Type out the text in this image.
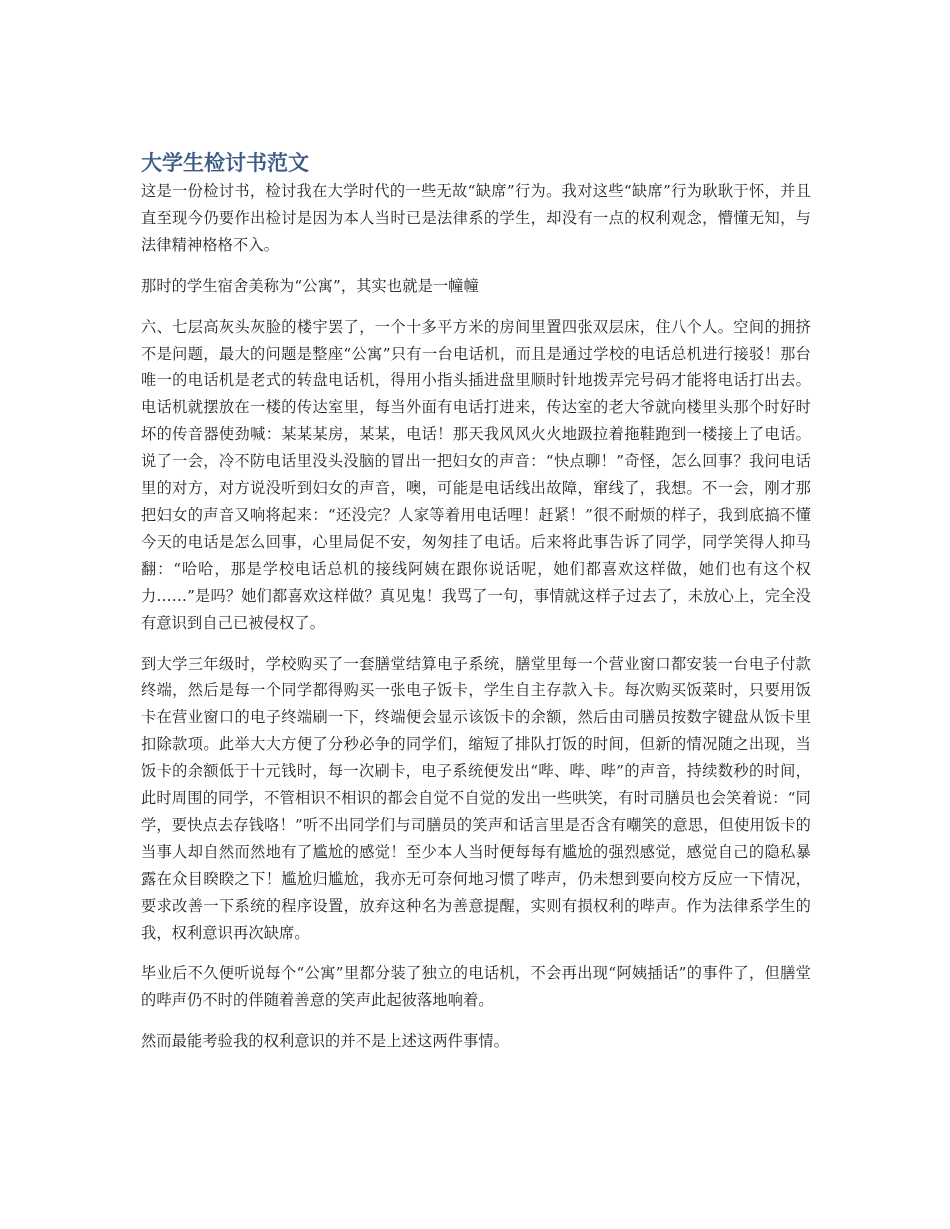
大学生检讨书范文

这是一份检讨书，检讨我在大学时代的一些无故“缺席”行为。我对这些“缺席”行为耿耿于怀，并且直至现今仍要作出检讨是因为本人当时已是法律系的学生，却没有一点的权利观念，懵懂无知，与法律精神格格不入。

那时的学生宿舍美称为“公寓”，其实也就是一幢幢

六、七层高灰头灰脸的楼宇罢了，一个十多平方米的房间里置四张双层床，住八个人。空间的拥挤不是问题，最大的问题是整座“公寓”只有一台电话机，而且是通过学校的电话总机进行接驳！那台唯一的电话机是老式的转盘电话机，得用小指头插进盘里顺时针地拨弄完号码才能将电话打出去。电话机就摆放在一楼的传达室里，每当外面有电话打进来，传达室的老大爷就向楼里头那个时好时坏的传音器使劲喊：某某某房，某某，电话！那天我风风火火地趿拉着拖鞋跑到一楼接上了电话。说了一会，冷不防电话里没头没脑的冒出一把妇女的声音：“快点聊！”奇怪，怎么回事？我问电话里的对方，对方说没听到妇女的声音，噢，可能是电话线出故障，窜线了，我想。不一会，刚才那把妇女的声音又响将起来：“还没完？人家等着用电话哩！赶紧！”很不耐烦的样子，我到底搞不懂今天的电话是怎么回事，心里局促不安，匆匆挂了电话。后来将此事告诉了同学，同学笑得人抑马翻：“哈哈，那是学校电话总机的接线阿姨在跟你说话呢，她们都喜欢这样做，她们也有这个权力……”是吗？她们都喜欢这样做？真见鬼！我骂了一句，事情就这样子过去了，未放心上，完全没有意识到自己已被侵权了。

到大学三年级时，学校购买了一套膳堂结算电子系统，膳堂里每一个营业窗口都安装一台电子付款终端，然后是每一个同学都得购买一张电子饭卡，学生自主存款入卡。每次购买饭菜时，只要用饭卡在营业窗口的电子终端刷一下，终端便会显示该饭卡的余额，然后由司膳员按数字键盘从饭卡里扣除款项。此举大大方便了分秒必争的同学们，缩短了排队打饭的时间，但新的情况随之出现，当饭卡的余额低于十元钱时，每一次刷卡，电子系统便发出“哔、哔、哔”的声音，持续数秒的时间，此时周围的同学，不管相识不相识的都会自觉不自觉的发出一些哄笑，有时司膳员也会笑着说：“同学，要快点去存钱咯！”听不出同学们与司膳员的笑声和话言里是否含有嘲笑的意思，但使用饭卡的当事人却自然而然地有了尴尬的感觉！至少本人当时便每每有尴尬的强烈感觉，感觉自己的隐私暴露在众目睽睽之下！尴尬归尴尬，我亦无可奈何地习惯了哔声，仍未想到要向校方反应一下情况，要求改善一下系统的程序设置，放弃这种名为善意提醒，实则有损权利的哔声。作为法律系学生的我，权利意识再次缺席。

毕业后不久便听说每个“公寓”里都分装了独立的电话机，不会再出现“阿姨插话”的事件了，但膳堂的哔声仍不时的伴随着善意的笑声此起彼落地响着。

然而最能考验我的权利意识的并不是上述这两件事情。
